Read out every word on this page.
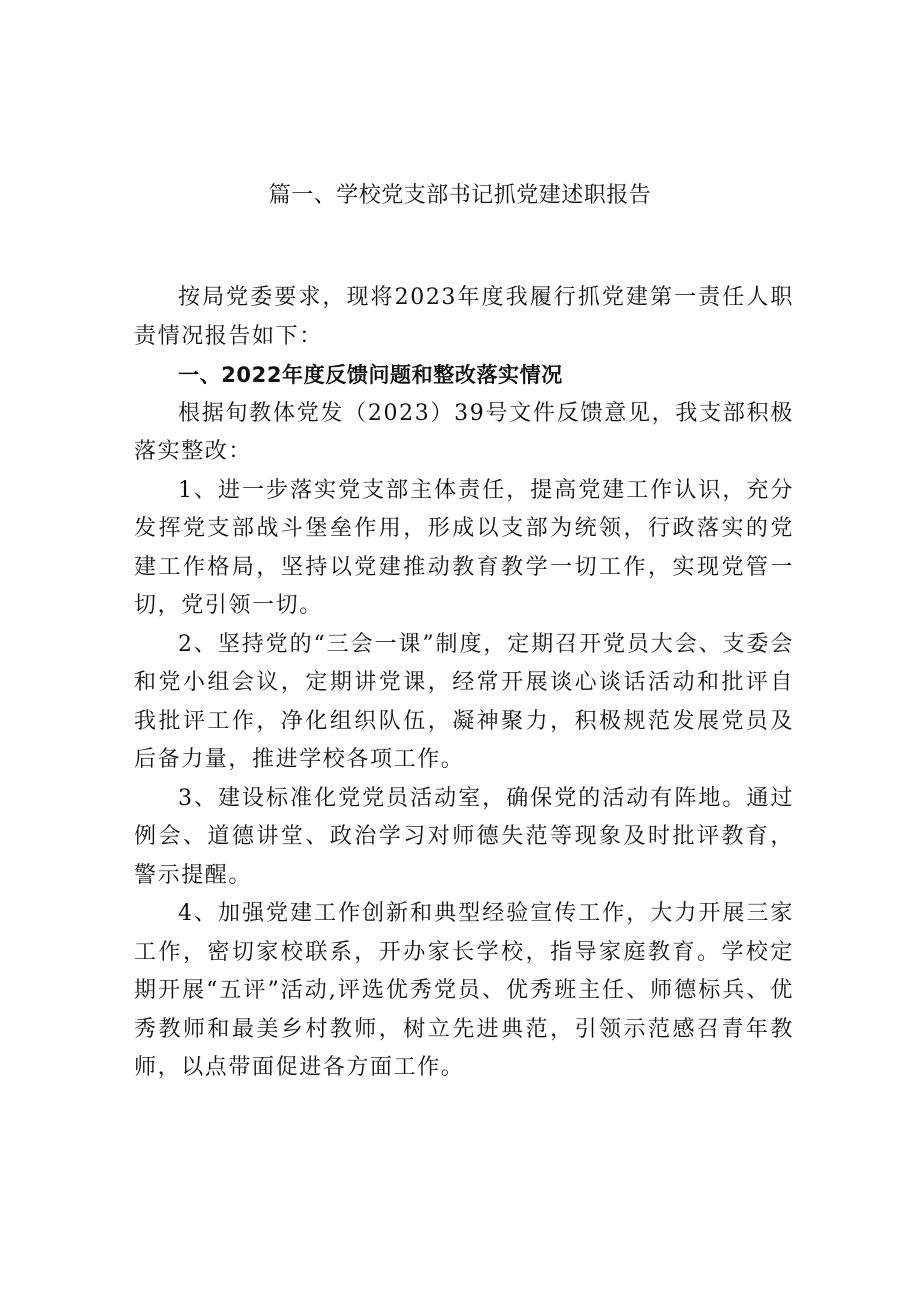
篇一、学校党支部书记抓党建述职报告

按局党委要求，现将2023年度我履行抓党建第一责任人职责情况报告如下：

一、2022年度反馈问题和整改落实情况

根据旬教体党发（2023）39号文件反馈意见，我支部积极落实整改：

1、进一步落实党支部主体责任，提高党建工作认识，充分发挥党支部战斗堡垒作用，形成以支部为统领，行政落实的党建工作格局，坚持以党建推动教育教学一切工作，实现党管一切，党引领一切。

2、坚持党的“三会一课”制度，定期召开党员大会、支委会和党小组会议，定期讲党课，经常开展谈心谈话活动和批评自我批评工作，净化组织队伍，凝神聚力，积极规范发展党员及后备力量，推进学校各项工作。

3、建设标准化党党员活动室，确保党的活动有阵地。通过例会、道德讲堂、政治学习对师德失范等现象及时批评教育，警示提醒。

4、加强党建工作创新和典型经验宣传工作，大力开展三家工作，密切家校联系，开办家长学校，指导家庭教育。学校定期开展“五评”活动,评选优秀党员、优秀班主任、师德标兵、优秀教师和最美乡村教师，树立先进典范，引领示范感召青年教师，以点带面促进各方面工作。
